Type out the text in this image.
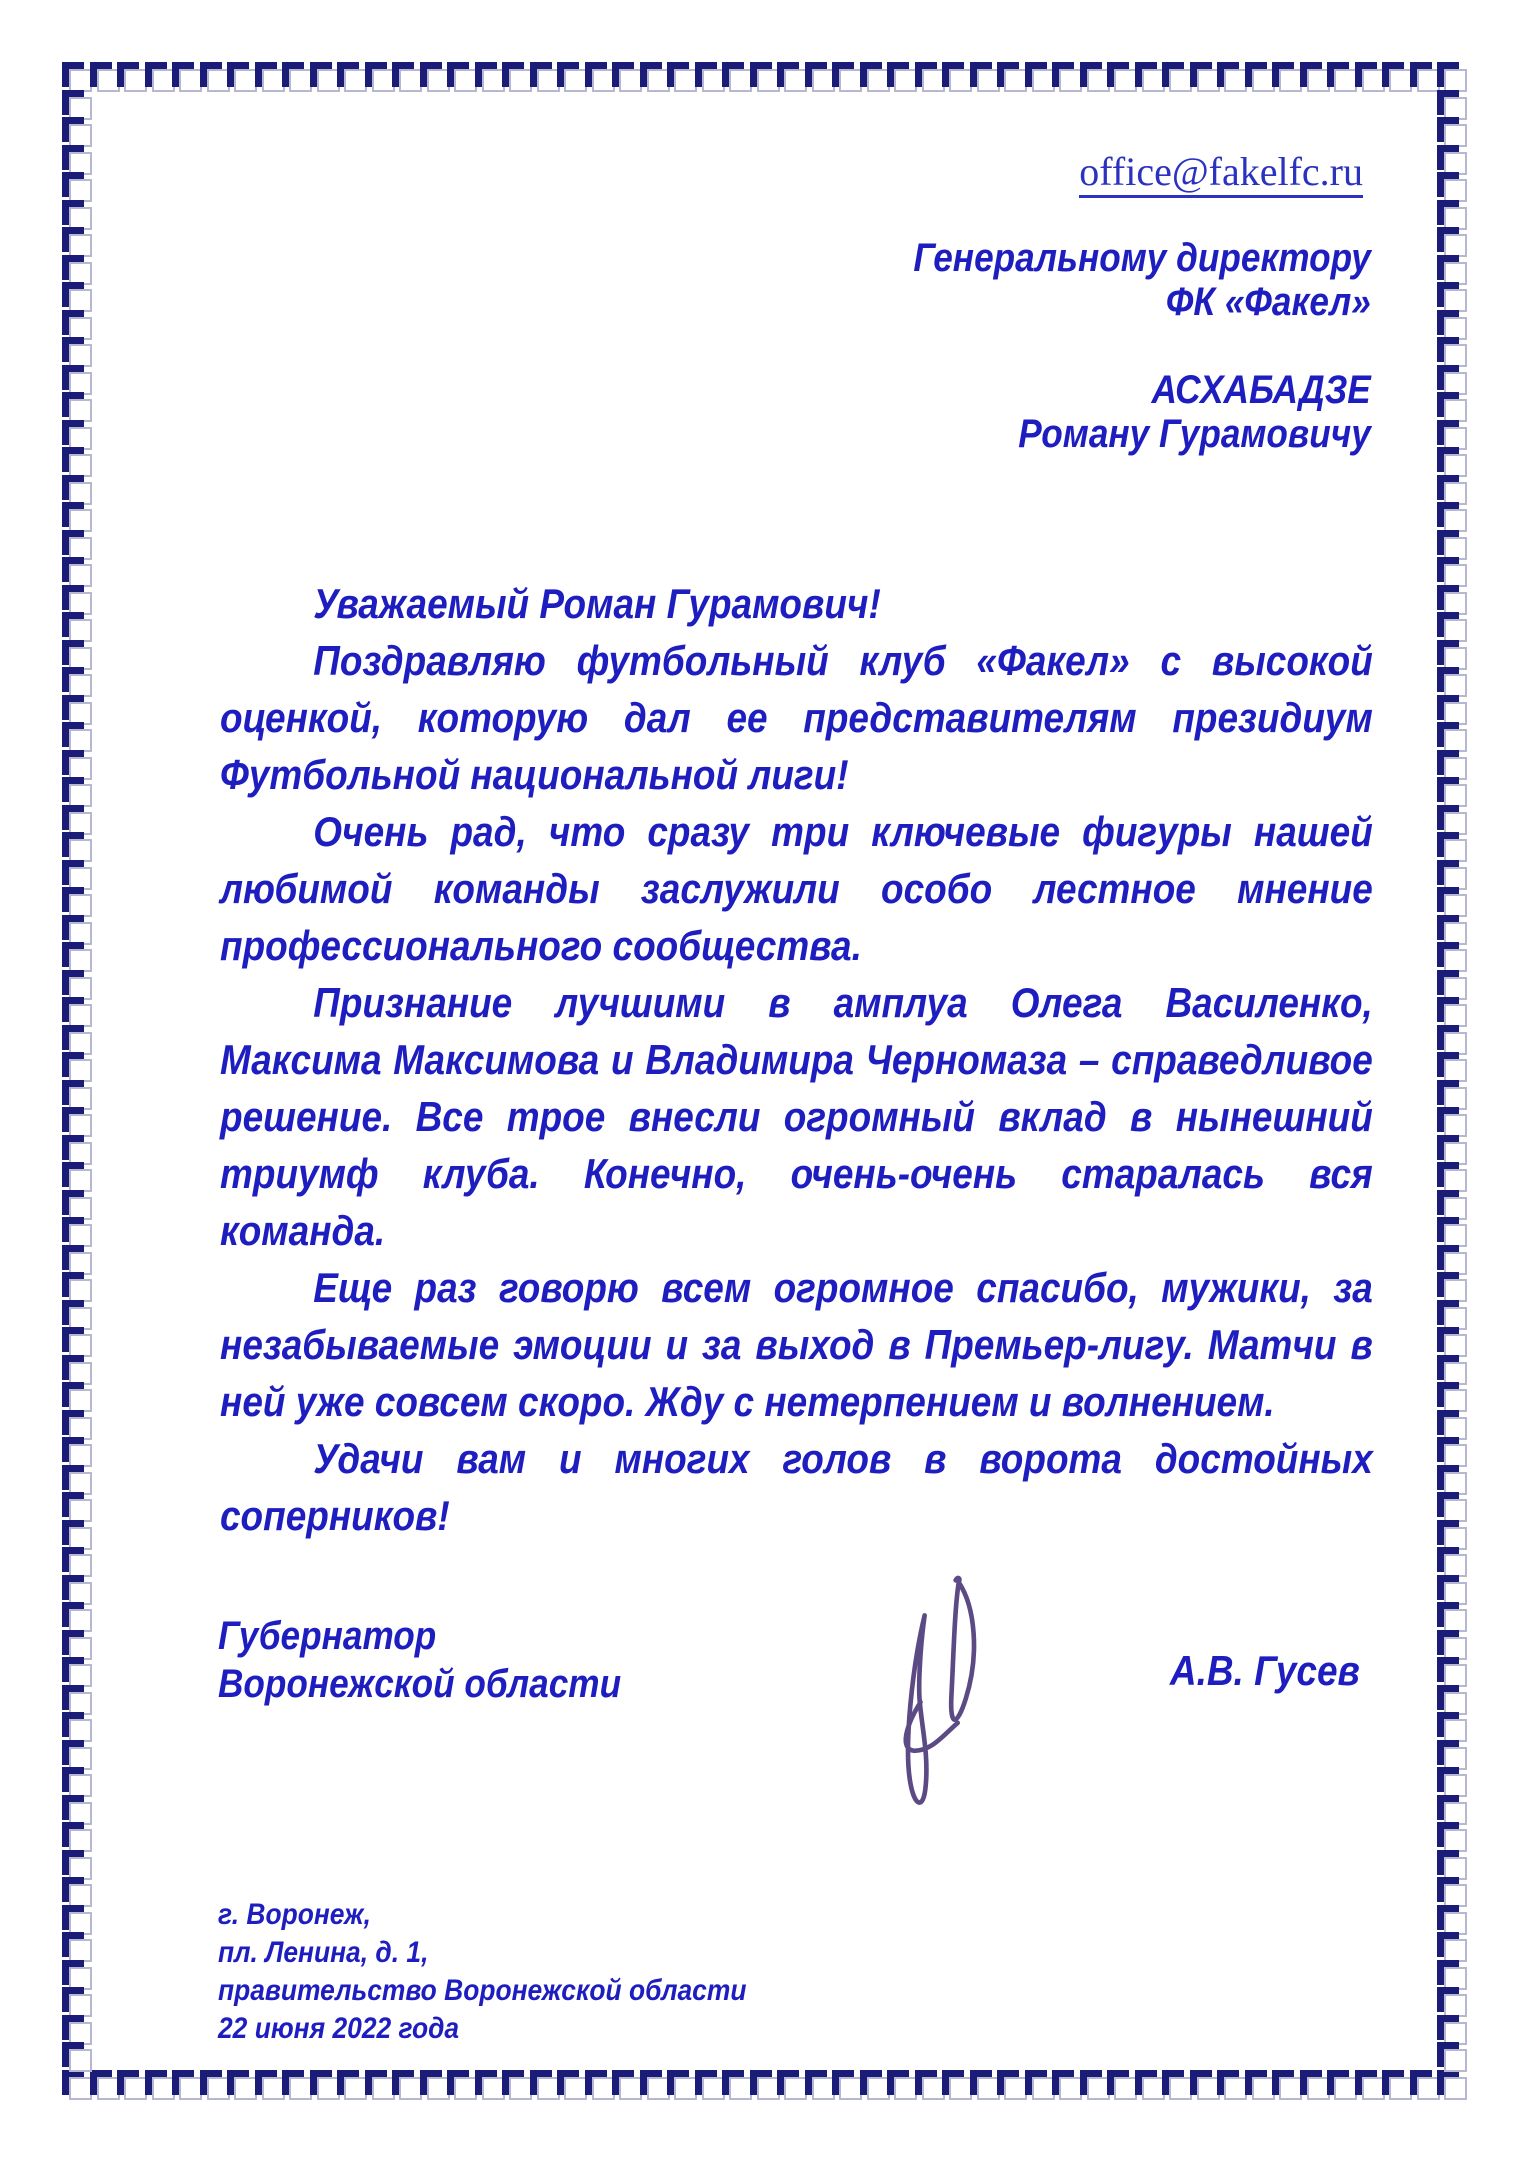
office@fakelfc.ru
Генеральному директору
ФК «Факел»
АСХАБАДЗЕ
Роману Гурамовичу

Уважаемый Роман Гурамович!

Поздравляю футбольный клуб «Факел» с высокой оценкой, которую дал ее представителям президиум Футбольной национальной лиги!

Очень рад, что сразу три ключевые фигуры нашей любимой команды заслужили особо лестное мнение профессионального сообщества.

Признание лучшими в амплуа Олега Василенко, Максима Максимова и Владимира Черномаза – справедливое решение. Все трое внесли огромный вклад в нынешний триумф клуба. Конечно, очень-очень старалась вся команда.

Еще раз говорю всем огромное спасибо, мужики, за незабываемые эмоции и за выход в Премьер-лигу. Матчи в ней уже совсем скоро. Жду с нетерпением и волнением.

Удачи вам и многих голов в ворота достойных соперников!

Губернатор
Воронежской области	А.В. Гусев
г. Воронеж,
пл. Ленина, д. 1,
правительство Воронежской области
22 июня 2022 года
